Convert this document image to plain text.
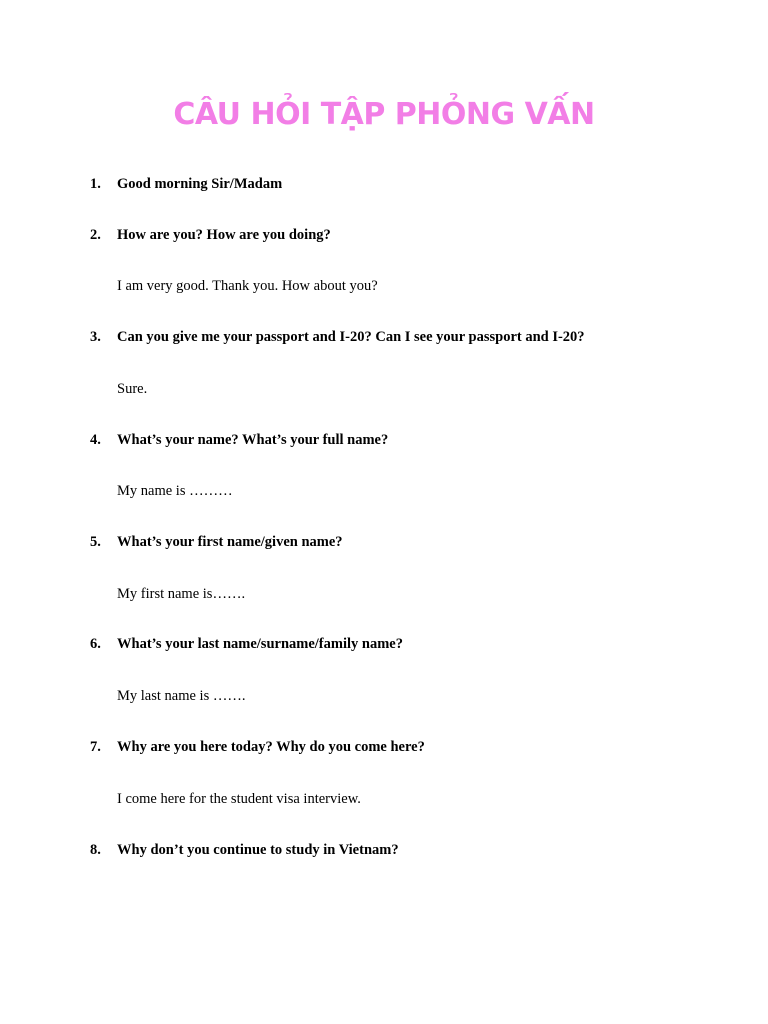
CÂU HỎI TẬP PHỎNG VẤN
1. Good morning Sir/Madam
2. How are you? How are you doing?
I am very good. Thank you. How about you?
3. Can you give me your passport and I-20? Can I see your passport and I-20?
Sure.
4. What’s your name? What’s your full name?
My name is ………
5. What’s your first name/given name?
My first name is…….
6. What’s your last name/surname/family name?
My last name is …….
7. Why are you here today? Why do you come here?
I come here for the student visa interview.
8. Why don’t you continue to study in Vietnam?
